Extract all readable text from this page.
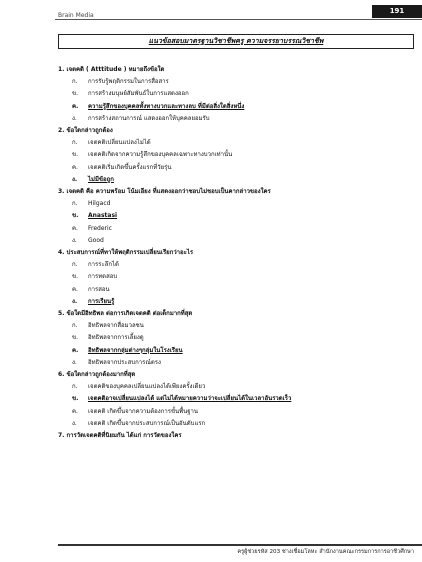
Brain Media
191
แนวข้อสอบมาตรฐานวิชาชีพครู ความจรรยาบรรณวิชาชีพ
1. เจตคติ ( Atttitude ) หมายถึงข้อใด
ก. การรับรู้พฤติกรรมในการสื่อสาร
ข. การสร้างมนุษย์สัมพันธ์ในการแสดงออก
ค. ความรู้สึกของบุคคลทั้งทางบวกและทางลบ ที่มีต่อสิ่งใดสิ่งหนึ่ง
ง. การสร้างสถานการณ์ แสดงออกให้บุคคลยอมรับ
2. ข้อใดกล่าวถูกต้อง
ก. เจตคติเปลี่ยนแปลงไม่ได้
ข. เจตคติเกิดจากความรู้สึกของบุคคลเฉพาะทางบวกเท่านั้น
ค. เจตคติเริ่มเกิดขึ้นครั้งแรกที่วัยรุ่น
ง. ไม่มีข้อถูก
3. เจตคติ คือ ความพร้อม โน้มเอียง ที่แสดงออกว่าชอบไม่ชอบเป็นคากล่าวของใคร
ก. Hilgacd
ข. Anastasi
ค. Frederic
ง. Good
4. ประสบการณ์ที่ทาให้พฤติกรรมเปลี่ยนเรียกว่าอะไร
ก. การระลึกได้
ข. การทดสอบ
ค. การสอน
ง. การเรียนรู้
5. ข้อใดมีอิทธิพล ต่อการเกิดเจตคติ ต่อเด็กมากที่สุด
ก. อิทธิพลจากสื่อมวลชน
ข. อิทธิพลจากการเลี้ยงดู
ค. อิทธิพลจากกลุ่มต่างๆกลุ่มในโรงเรียน
ง. อิทธิพลจากประสบการณ์ตรง
6. ข้อใดกล่าวถูกต้องมากที่สุด
ก. เจตคติของบุคคลเปลี่ยนแปลงได้เพียงครั้งเดียว
ข. เจตคติอาจเปลี่ยนแปลงได้ แต่ไม่ได้หมายความว่าจะเปลี่ยนได้ในเวลาอันรวดเร็ว
ค. เจตคติ เกิดขึ้นจากความต้องการขั้นพื้นฐาน
ง. เจตคติ เกิดขึ้นจากประสบการณ์เป็นอันดับแรก
7. การวัดเจตคติที่นิยมกัน ได้แก่ การวัดของใคร
ครูผู้ช่วยรหัส 203 ช่างเชื่อมโลหะ สำนักงานคณะกรรมการการอาชีวศึกษา
